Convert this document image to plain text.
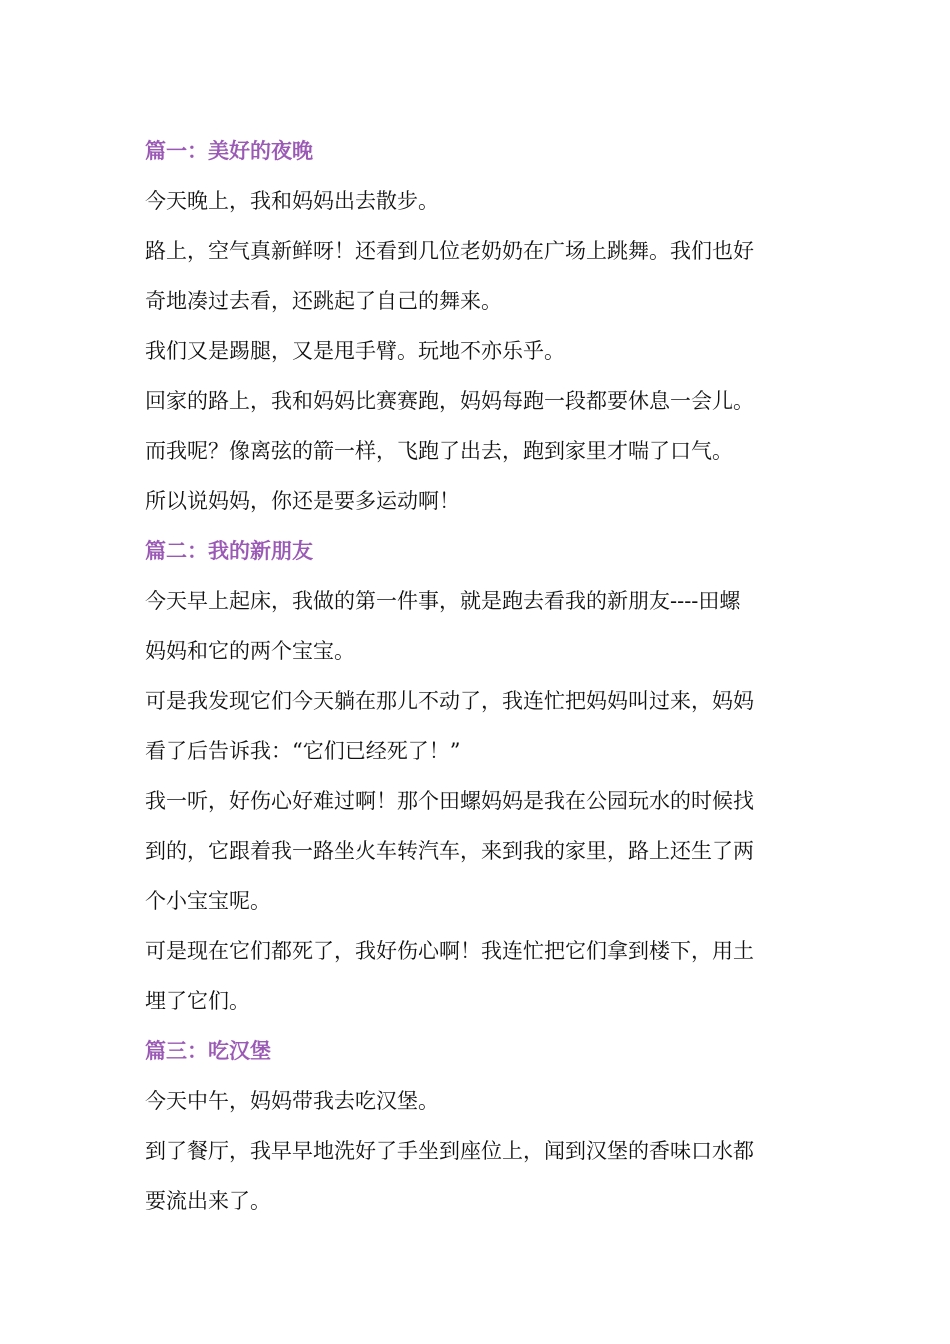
篇一：美好的夜晚
今天晚上，我和妈妈出去散步。
路上，空气真新鲜呀！还看到几位老奶奶在广场上跳舞。我们也好
奇地凑过去看，还跳起了自己的舞来。
我们又是踢腿，又是甩手臂。玩地不亦乐乎。
回家的路上，我和妈妈比赛赛跑，妈妈每跑一段都要休息一会儿。
而我呢？像离弦的箭一样，飞跑了出去，跑到家里才喘了口气。
所以说妈妈，你还是要多运动啊！
篇二：我的新朋友
今天早上起床，我做的第一件事，就是跑去看我的新朋友----田螺
妈妈和它的两个宝宝。
可是我发现它们今天躺在那儿不动了，我连忙把妈妈叫过来，妈妈
看了后告诉我：“它们已经死了！”
我一听，好伤心好难过啊！那个田螺妈妈是我在公园玩水的时候找
到的，它跟着我一路坐火车转汽车，来到我的家里，路上还生了两
个小宝宝呢。
可是现在它们都死了，我好伤心啊！我连忙把它们拿到楼下，用土
埋了它们。
篇三：吃汉堡
今天中午，妈妈带我去吃汉堡。
到了餐厅，我早早地洗好了手坐到座位上，闻到汉堡的香味口水都
要流出来了。
